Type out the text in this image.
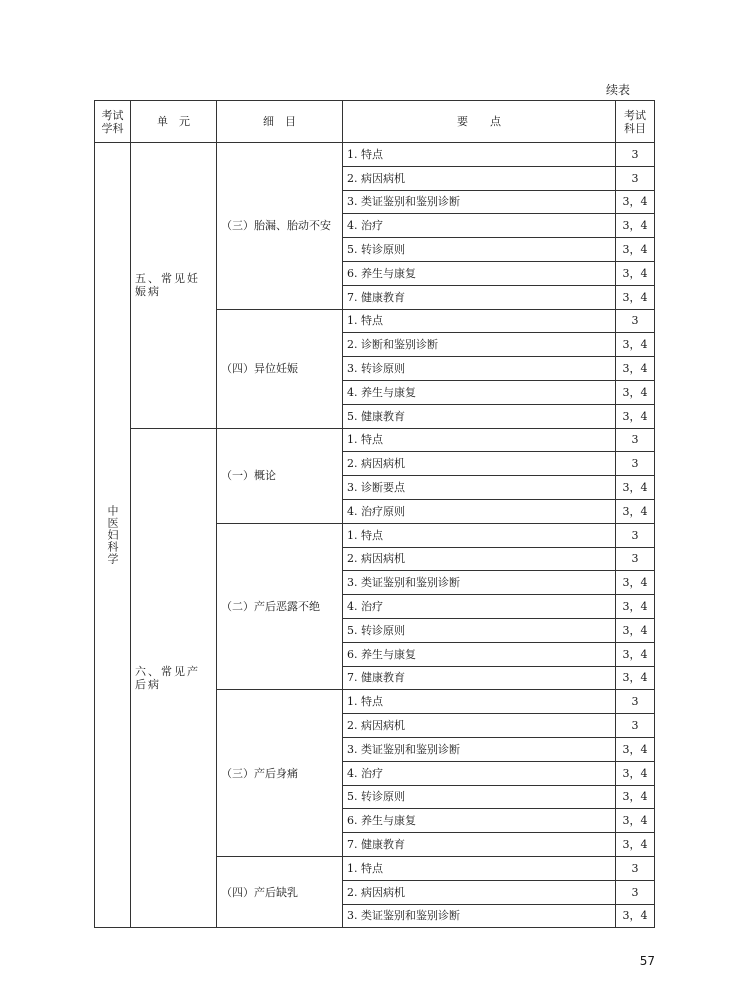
续表
考试学科	单　元	细　目	要　　点	考试科目
中医妇科学	五、常见妊娠病	（三）胎漏、胎动不安	1. 特点	3
			2. 病因病机	3
			3. 类证鉴别和鉴别诊断	3，4
			4. 治疗	3，4
			5. 转诊原则	3，4
			6. 养生与康复	3，4
			7. 健康教育	3，4
		（四）异位妊娠	1. 特点	3
			2. 诊断和鉴别诊断	3，4
			3. 转诊原则	3，4
			4. 养生与康复	3，4
			5. 健康教育	3，4
	六、常见产后病	（一）概论	1. 特点	3
			2. 病因病机	3
			3. 诊断要点	3，4
			4. 治疗原则	3，4
		（二）产后恶露不绝	1. 特点	3
			2. 病因病机	3
			3. 类证鉴别和鉴别诊断	3，4
			4. 治疗	3，4
			5. 转诊原则	3，4
			6. 养生与康复	3，4
			7. 健康教育	3，4
		（三）产后身痛	1. 特点	3
			2. 病因病机	3
			3. 类证鉴别和鉴别诊断	3，4
			4. 治疗	3，4
			5. 转诊原则	3，4
			6. 养生与康复	3，4
			7. 健康教育	3，4
		（四）产后缺乳	1. 特点	3
			2. 病因病机	3
			3. 类证鉴别和鉴别诊断	3，4
57
